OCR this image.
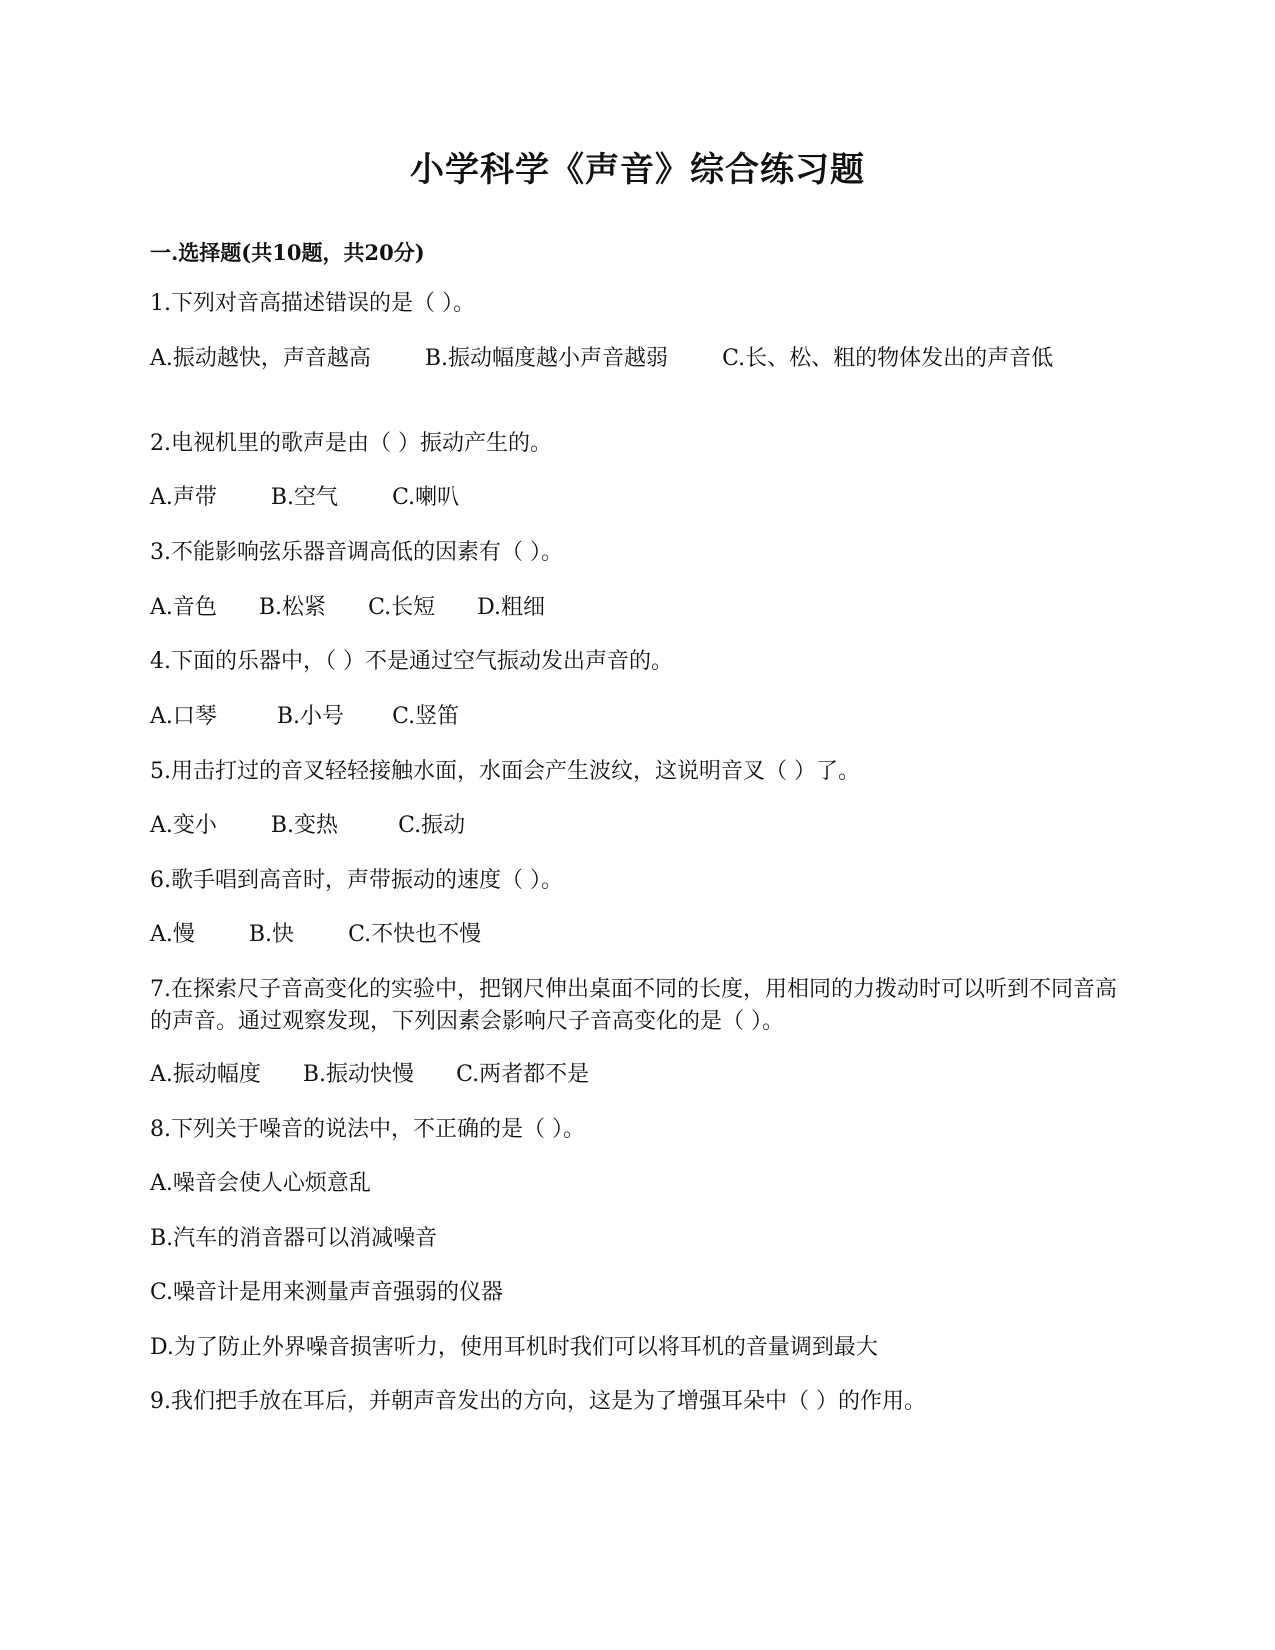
小学科学《声音》综合练习题
一.选择题(共10题，共20分)
1.下列对音高描述错误的是（ ）。
A.振动越快，声音越高 B.振动幅度越小声音越弱 C.长、松、粗的物体发出的声音低
2.电视机里的歌声是由（ ）振动产生的。
A.声带 B.空气 C.喇叭
3.不能影响弦乐器音调高低的因素有（ ）。
A.音色 B.松紧 C.长短 D.粗细
4.下面的乐器中，（ ）不是通过空气振动发出声音的。
A.口琴	B.小号 C.竖笛
5.用击打过的音叉轻轻接触水面，水面会产生波纹，这说明音叉（ ）了。
A.变小 B.变热	C.振动
6.歌手唱到高音时，声带振动的速度（ ）。
A.慢 B.快 C.不快也不慢
7.在探索尺子音高变化的实验中，把钢尺伸出桌面不同的长度，用相同的力拨动时可以听到不同音高的声音。通过观察发现，下列因素会影响尺子音高变化的是（ ）。
A.振动幅度 B.振动快慢 C.两者都不是
8.下列关于噪音的说法中，不正确的是（ ）。
A.噪音会使人心烦意乱
B.汽车的消音器可以消减噪音
C.噪音计是用来测量声音强弱的仪器
D.为了防止外界噪音损害听力，使用耳机时我们可以将耳机的音量调到最大
9.我们把手放在耳后，并朝声音发出的方向，这是为了增强耳朵中（ ）的作用。
